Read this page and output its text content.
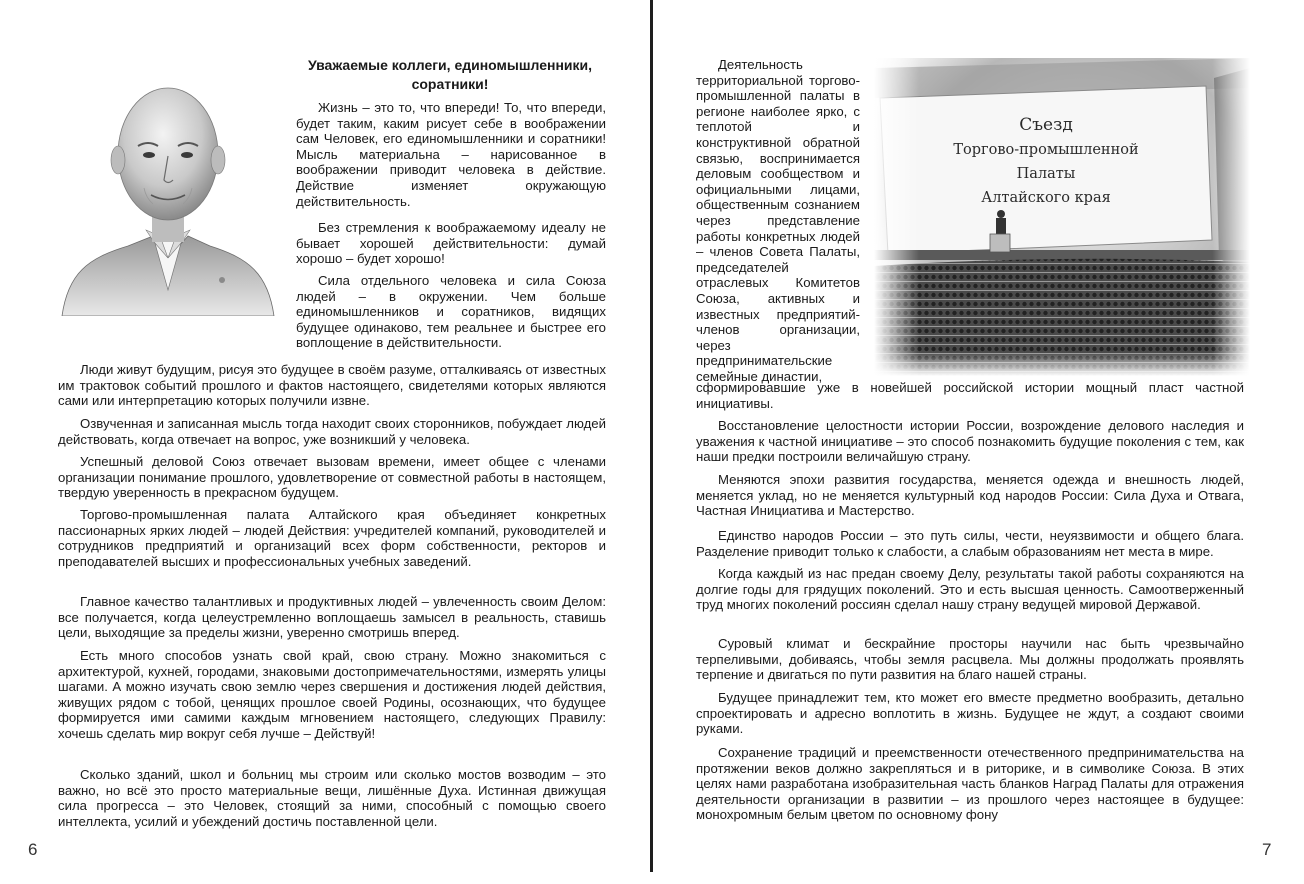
Уважаемые коллеги, единомышленники, соратники!

Жизнь – это то, что впереди! То, что впереди, будет таким, каким рисует себе в воображении сам Человек, его единомышленники и соратники! Мысль материальна – нарисованное в воображении приводит человека в действие. Действие изменяет окружающую действительность.

Без стремления к воображаемому идеалу не бывает хорошей действительности: думай хорошо – будет хорошо!

Сила отдельного человека и сила Союза людей – в окружении. Чем больше единомышленников и соратников, видящих будущее одинаково, тем реальнее и быстрее его воплощение в действительности.

Люди живут будущим, рисуя это будущее в своём разуме, отталкиваясь от известных им трактовок событий прошлого и фактов настоящего, свидетелями которых являются сами или интерпретацию которых получили извне.

Озвученная и записанная мысль тогда находит своих сторонников, побуждает людей действовать, когда отвечает на вопрос, уже возникший у человека.

Успешный деловой Союз отвечает вызовам времени, имеет общее с членами организации понимание прошлого, удовлетворение от совместной работы в настоящем, твердую уверенность в прекрасном будущем.

Торгово-промышленная палата Алтайского края объединяет конкретных пассионарных ярких людей – людей Действия: учредителей компаний, руководителей и сотрудников предприятий и организаций всех форм собственности, ректоров и преподавателей высших и профессиональных учебных заведений.

Главное качество талантливых и продуктивных людей – увлеченность своим Делом: все получается, когда целеустремленно воплощаешь замысел в реальность, ставишь цели, выходящие за пределы жизни, уверенно смотришь вперед.

Есть много способов узнать свой край, свою страну. Можно знакомиться с архитектурой, кухней, городами, знаковыми достопримечательностями, измерять улицы шагами. А можно изучать свою землю через свершения и достижения людей действия, живущих рядом с тобой, ценящих прошлое своей Родины, осознающих, что будущее формируется ими самими каждым мгновением настоящего, следующих Правилу: хочешь сделать мир вокруг себя лучше – Действуй!

Сколько зданий, школ и больниц мы строим или сколько мостов возводим – это важно, но всё это просто материальные вещи, лишённые Духа. Истинная движущая сила прогресса – это Человек, стоящий за ними, способный с помощью своего интеллекта, усилий и убеждений достичь поставленной цели.

6

Деятельность территориальной торгово-промышленной палаты в регионе наиболее ярко, с теплотой и конструктивной обратной связью, воспринимается деловым сообществом и официальными лицами, общественным сознанием через представление работы конкретных людей – членов Совета Палаты, председателей отраслевых Комитетов Союза, активных и известных предприятий-членов организации, через предпринимательские семейные династии,

сформировавшие уже в новейшей российской истории мощный пласт частной инициативы.

Восстановление целостности истории России, возрождение делового наследия и уважения к частной инициативе – это способ познакомить будущие поколения с тем, как наши предки построили величайшую страну.

Меняются эпохи развития государства, меняется одежда и внешность людей, меняется уклад, но не меняется культурный код народов России: Сила Духа и Отвага, Частная Инициатива и Мастерство.

Единство народов России – это путь силы, чести, неуязвимости и общего блага. Разделение приводит только к слабости, а слабым образованиям нет места в мире.

Когда каждый из нас предан своему Делу, результаты такой работы сохраняются на долгие годы для грядущих поколений. Это и есть высшая ценность. Самоотверженный труд многих поколений россиян сделал нашу страну ведущей мировой Державой.

Суровый климат и бескрайние просторы научили нас быть чрезвычайно терпеливыми, добиваясь, чтобы земля расцвела. Мы должны продолжать проявлять терпение и двигаться по пути развития на благо нашей страны.

Будущее принадлежит тем, кто может его вместе предметно вообразить, детально спроектировать и адресно воплотить в жизнь. Будущее не ждут, а создают своими руками.

Сохранение традиций и преемственности отечественного предпринимательства на протяжении веков должно закрепляться и в риторике, и в символике Союза. В этих целях нами разработана изобразительная часть бланков Наград Палаты для отражения деятельности организации в развитии – из прошлого через настоящее в будущее: монохромным белым цветом по основному фону

7
